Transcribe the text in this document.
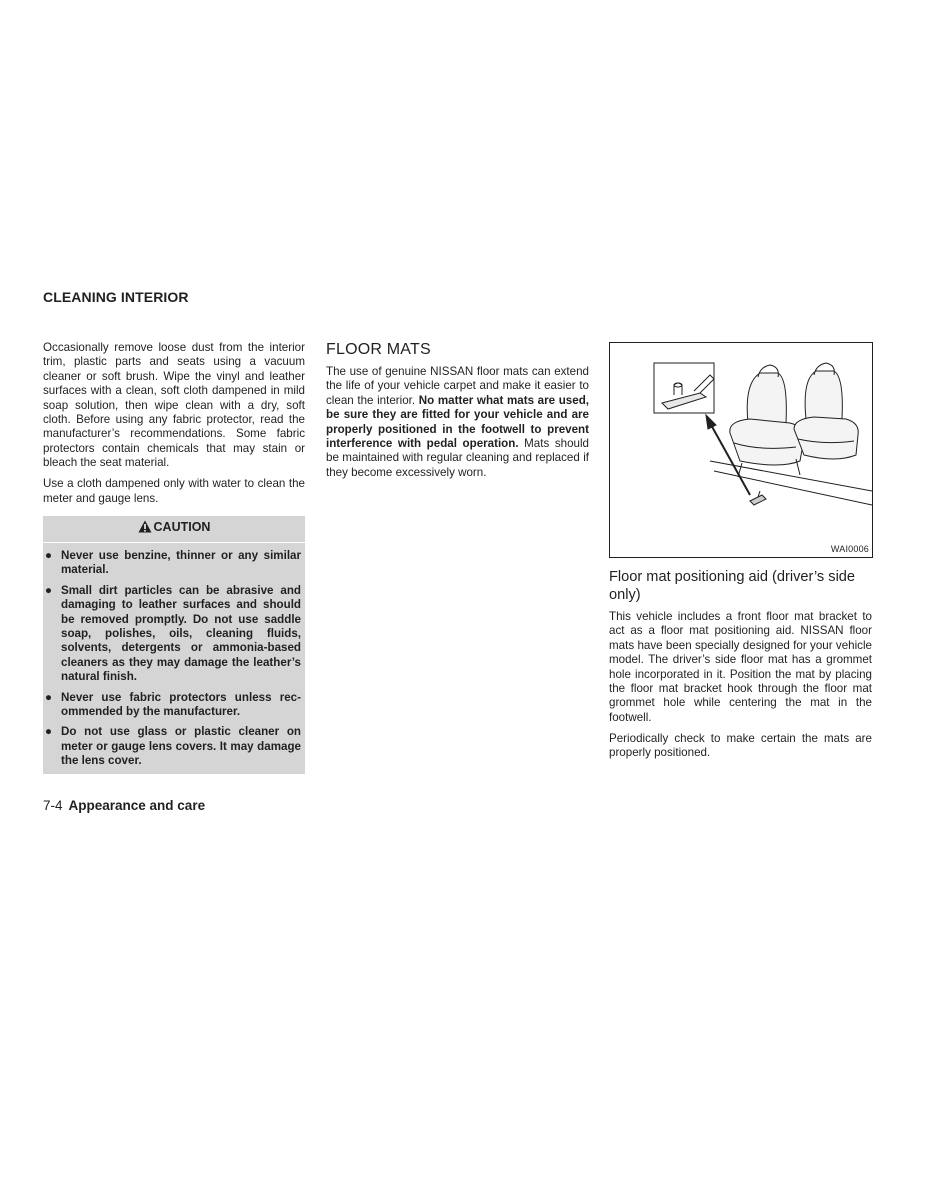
CLEANING INTERIOR

Occasionally remove loose dust from the interior trim, plastic parts and seats using a vacuum cleaner or soft brush. Wipe the vinyl and leather surfaces with a clean, soft cloth dampened in mild soap solution, then wipe clean with a dry, soft cloth. Before using any fabric protector, read the manufacturer’s recommendations. Some fabric protectors contain chemicals that may stain or bleach the seat material.

Use a cloth dampened only with water to clean the meter and gauge lens.

CAUTION
● Never use benzine, thinner or any similar material.
● Small dirt particles can be abrasive and damaging to leather surfaces and should be removed promptly. Do not use saddle soap, polishes, oils, cleaning fluids, solvents, detergents or ammonia-based cleaners as they may damage the leather’s natural finish.
● Never use fabric protectors unless recommended by the manufacturer.
● Do not use glass or plastic cleaner on meter or gauge lens covers. It may damage the lens cover.
FLOOR MATS

The use of genuine NISSAN floor mats can extend the life of your vehicle carpet and make it easier to clean the interior. No matter what mats are used, be sure they are fitted for your vehicle and are properly positioned in the footwell to prevent interference with pedal operation. Mats should be maintained with regular cleaning and replaced if they become excessively worn.

WAI0006
Floor mat positioning aid (driver’s side only)

This vehicle includes a front floor mat bracket to act as a floor mat positioning aid. NISSAN floor mats have been specially designed for your vehicle model. The driver’s side floor mat has a grommet hole incorporated in it. Position the mat by placing the floor mat bracket hook through the floor mat grommet hole while centering the mat in the footwell.

Periodically check to make certain the mats are properly positioned.

7-4 Appearance and care
